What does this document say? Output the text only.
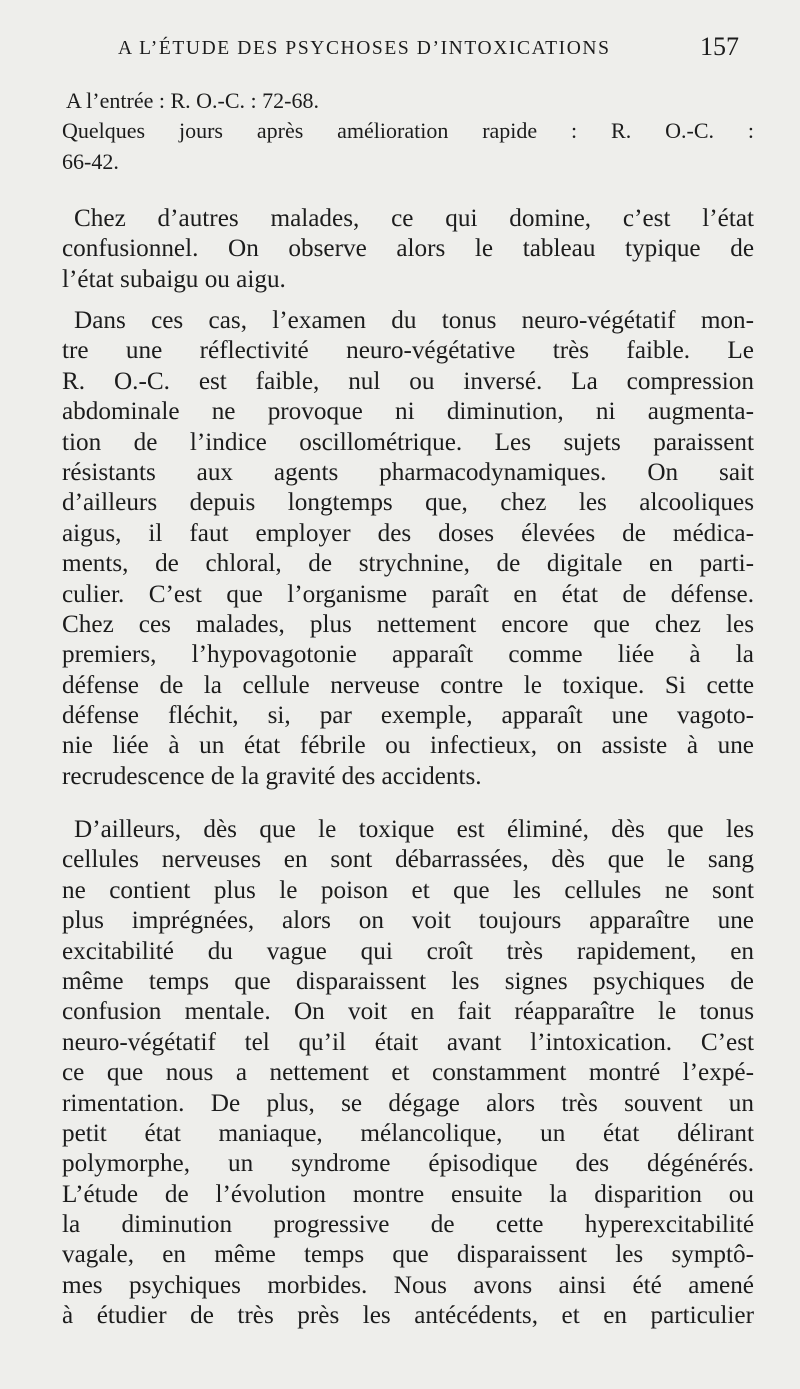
A L’ÉTUDE DES PSYCHOSES D’INTOXICATIONS	157
A l’entrée : R. O.-C. : 72-68.
Quelques jours après amélioration rapide : R. O.-C. :
66-42.
Chez d’autres malades, ce qui domine, c’est l’état
confusionnel. On observe alors le tableau typique de
l’état subaigu ou aigu.
Dans ces cas, l’examen du tonus neuro-végétatif mon-
tre une réflectivité neuro-végétative très faible. Le
R. O.-C. est faible, nul ou inversé. La compression
abdominale ne provoque ni diminution, ni augmenta-
tion de l’indice oscillométrique. Les sujets paraissent
résistants aux agents pharmacodynamiques. On sait
d’ailleurs depuis longtemps que, chez les alcooliques
aigus, il faut employer des doses élevées de médica-
ments, de chloral, de strychnine, de digitale en parti-
culier. C’est que l’organisme paraît en état de défense.
Chez ces malades, plus nettement encore que chez les
premiers, l’hypovagotonie apparaît comme liée à la
défense de la cellule nerveuse contre le toxique. Si cette
défense fléchit, si, par exemple, apparaît une vagoto-
nie liée à un état fébrile ou infectieux, on assiste à une
recrudescence de la gravité des accidents.
D’ailleurs, dès que le toxique est éliminé, dès que les
cellules nerveuses en sont débarrassées, dès que le sang
ne contient plus le poison et que les cellules ne sont
plus imprégnées, alors on voit toujours apparaître une
excitabilité du vague qui croît très rapidement, en
même temps que disparaissent les signes psychiques de
confusion mentale. On voit en fait réapparaître le tonus
neuro-végétatif tel qu’il était avant l’intoxication. C’est
ce que nous a nettement et constamment montré l’expé-
rimentation. De plus, se dégage alors très souvent un
petit état maniaque, mélancolique, un état délirant
polymorphe, un syndrome épisodique des dégénérés.
L’étude de l’évolution montre ensuite la disparition ou
la diminution progressive de cette hyperexcitabilité
vagale, en même temps que disparaissent les symptô-
mes psychiques morbides. Nous avons ainsi été amené
à étudier de très près les antécédents, et en particulier
